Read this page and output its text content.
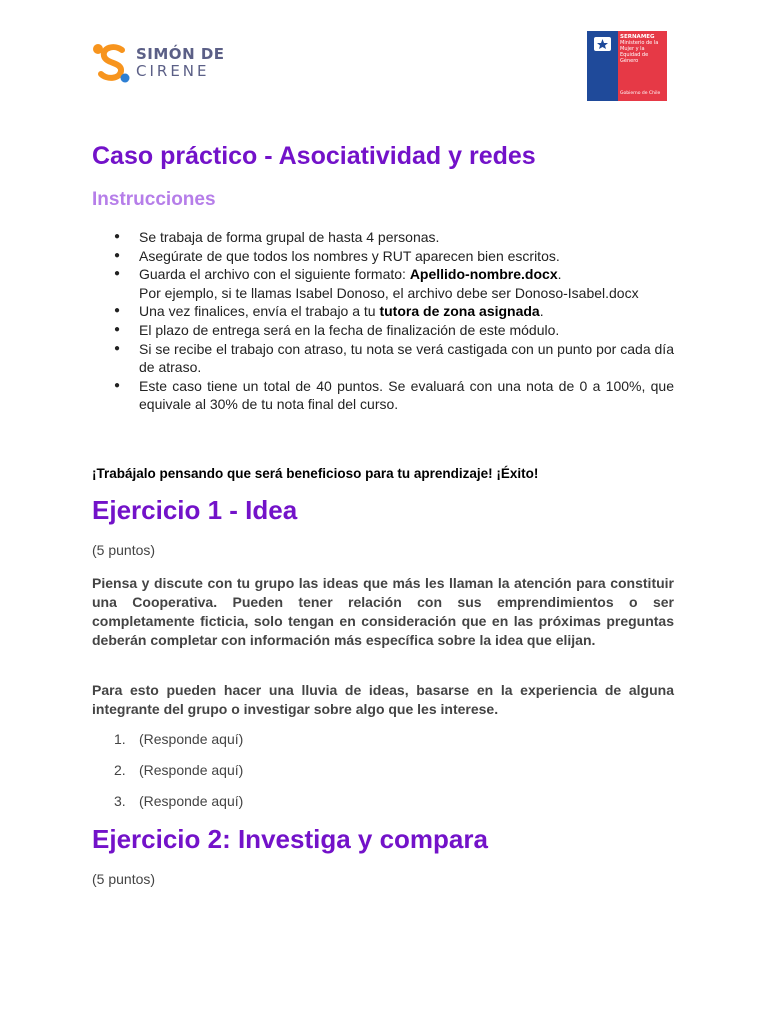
SIMÓN DE
CIRENE
SERNAMEG
Ministerio de la Mujer y la Equidad de Género
Gobierno de Chile
Caso práctico - Asociatividad y redes
Instrucciones
● Se trabaja de forma grupal de hasta 4 personas.
● Asegúrate de que todos los nombres y RUT aparecen bien escritos.
● Guarda el archivo con el siguiente formato: Apellido-nombre.docx.
Por ejemplo, si te llamas Isabel Donoso, el archivo debe ser Donoso-Isabel.docx
● Una vez finalices, envía el trabajo a tu tutora de zona asignada.
● El plazo de entrega será en la fecha de finalización de este módulo.
● Si se recibe el trabajo con atraso, tu nota se verá castigada con un punto por cada día de atraso.
● Este caso tiene un total de 40 puntos. Se evaluará con una nota de 0 a 100%, que equivale al 30% de tu nota final del curso.
¡Trabájalo pensando que será beneficioso para tu aprendizaje! ¡Éxito!
Ejercicio 1 - Idea
(5 puntos)

Piensa y discute con tu grupo las ideas que más les llaman la atención para constituir una Cooperativa. Pueden tener relación con sus emprendimientos o ser completamente ficticia, solo tengan en consideración que en las próximas preguntas deberán completar con información más específica sobre la idea que elijan.

Para esto pueden hacer una lluvia de ideas, basarse en la experiencia de alguna integrante del grupo o investigar sobre algo que les interese.

1. (Responde aquí)
2. (Responde aquí)
3. (Responde aquí)
Ejercicio 2: Investiga y compara
(5 puntos)
